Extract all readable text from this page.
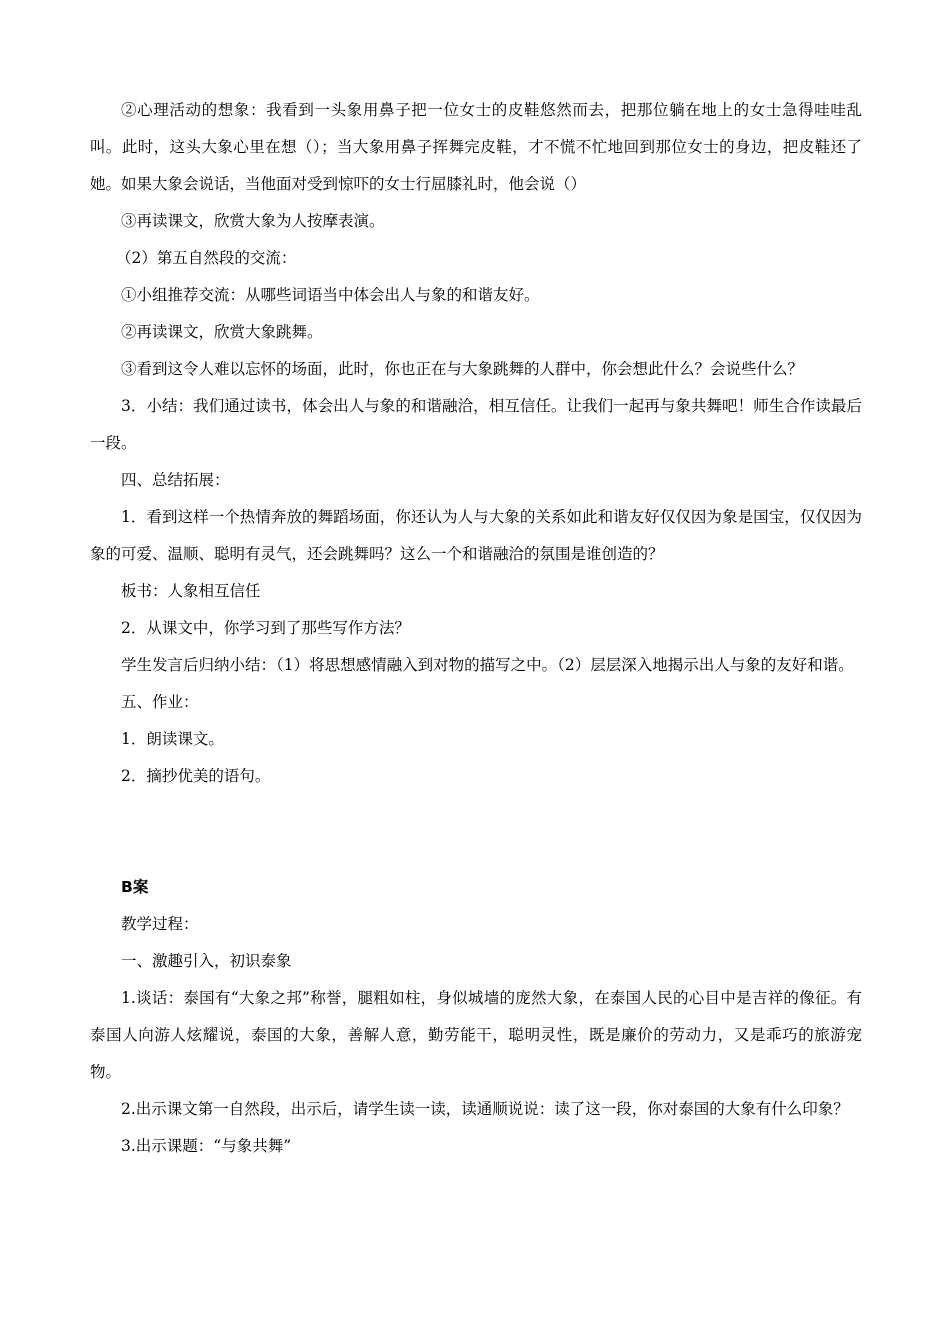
②心理活动的想象：我看到一头象用鼻子把一位女士的皮鞋悠然而去，把那位躺在地上的女士急得哇哇乱叫。此时，这头大象心里在想（）；当大象用鼻子挥舞完皮鞋，才不慌不忙地回到那位女士的身边，把皮鞋还了她。如果大象会说话，当他面对受到惊吓的女士行屈膝礼时，他会说（）

③再读课文，欣赏大象为人按摩表演。

（2）第五自然段的交流：

①小组推荐交流：从哪些词语当中体会出人与象的和谐友好。

②再读课文，欣赏大象跳舞。

③看到这令人难以忘怀的场面，此时，你也正在与大象跳舞的人群中，你会想此什么？会说些什么？

3．小结：我们通过读书，体会出人与象的和谐融洽，相互信任。让我们一起再与象共舞吧！师生合作读最后一段。

四、总结拓展：

1．看到这样一个热情奔放的舞蹈场面，你还认为人与大象的关系如此和谐友好仅仅因为象是国宝，仅仅因为象的可爱、温顺、聪明有灵气，还会跳舞吗？这么一个和谐融洽的氛围是谁创造的？

板书：人象相互信任

2．从课文中，你学习到了那些写作方法？

学生发言后归纳小结：（1）将思想感情融入到对物的描写之中。（2）层层深入地揭示出人与象的友好和谐。

五、作业：

1．朗读课文。

2．摘抄优美的语句。

B案

教学过程：

一、激趣引入，初识泰象

1.谈话：泰国有“大象之邦”称誉，腿粗如柱，身似城墙的庞然大象，在泰国人民的心目中是吉祥的像征。有泰国人向游人炫耀说，泰国的大象，善解人意，勤劳能干，聪明灵性，既是廉价的劳动力，又是乖巧的旅游宠物。

2.出示课文第一自然段，出示后，请学生读一读，读通顺说说：读了这一段，你对泰国的大象有什么印象？

3.出示课题：“与象共舞”
